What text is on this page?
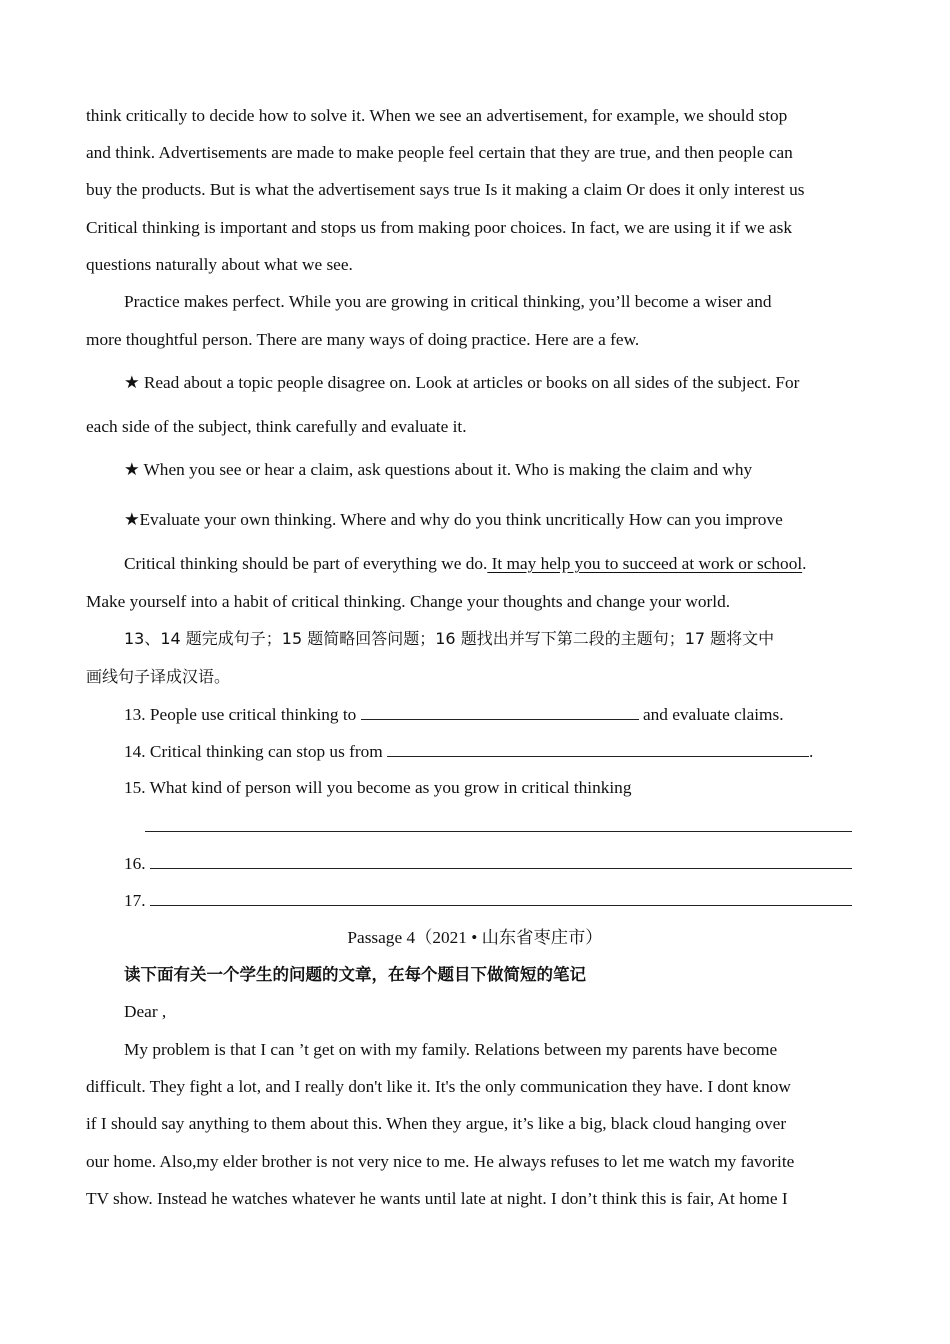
think critically to decide how to solve it. When we see an advertisement, for example, we should stop
and think. Advertisements are made to make people feel certain that they are true, and then people can
buy the products. But is what the advertisement says true Is it making a claim Or does it only interest us
Critical thinking is important and stops us from making poor choices. In fact, we are using it if we ask
questions naturally about what we see.
Practice makes perfect. While you are growing in critical thinking, you’ll become a wiser and
more thoughtful person. There are many ways of doing practice. Here are a few.
★ Read about a topic people disagree on. Look at articles or books on all sides of the subject. For
each side of the subject, think carefully and evaluate it.
★ When you see or hear a claim, ask questions about it. Who is making the claim and why
★Evaluate your own thinking. Where and why do you think uncritically How can you improve
Critical thinking should be part of everything we do. It may help you to succeed at work or school.
Make yourself into a habit of critical thinking. Change your thoughts and change your world.
13、14 题完成句子；15 题简略回答问题；16 题找出并写下第二段的主题句；17 题将文中
画线句子译成汉语。
13. People use critical thinking to	and evaluate claims.
14. Critical thinking can stop us from	.
15. What kind of person will you become as you grow in critical thinking
16.
17.
Passage 4（2021 • 山东省枣庄市）
读下面有关一个学生的问题的文章，在每个题目下做简短的笔记
Dear ,
My problem is that I can ’t get on with my family. Relations between my parents have become
difficult. They fight a lot, and I really don't like it. It's the only communication they have. I dont know
if I should say anything to them about this. When they argue, it’s like a big, black cloud hanging over
our home. Also,my elder brother is not very nice to me. He always refuses to let me watch my favorite
TV show. Instead he watches whatever he wants until late at night. I don’t think this is fair, At home I
